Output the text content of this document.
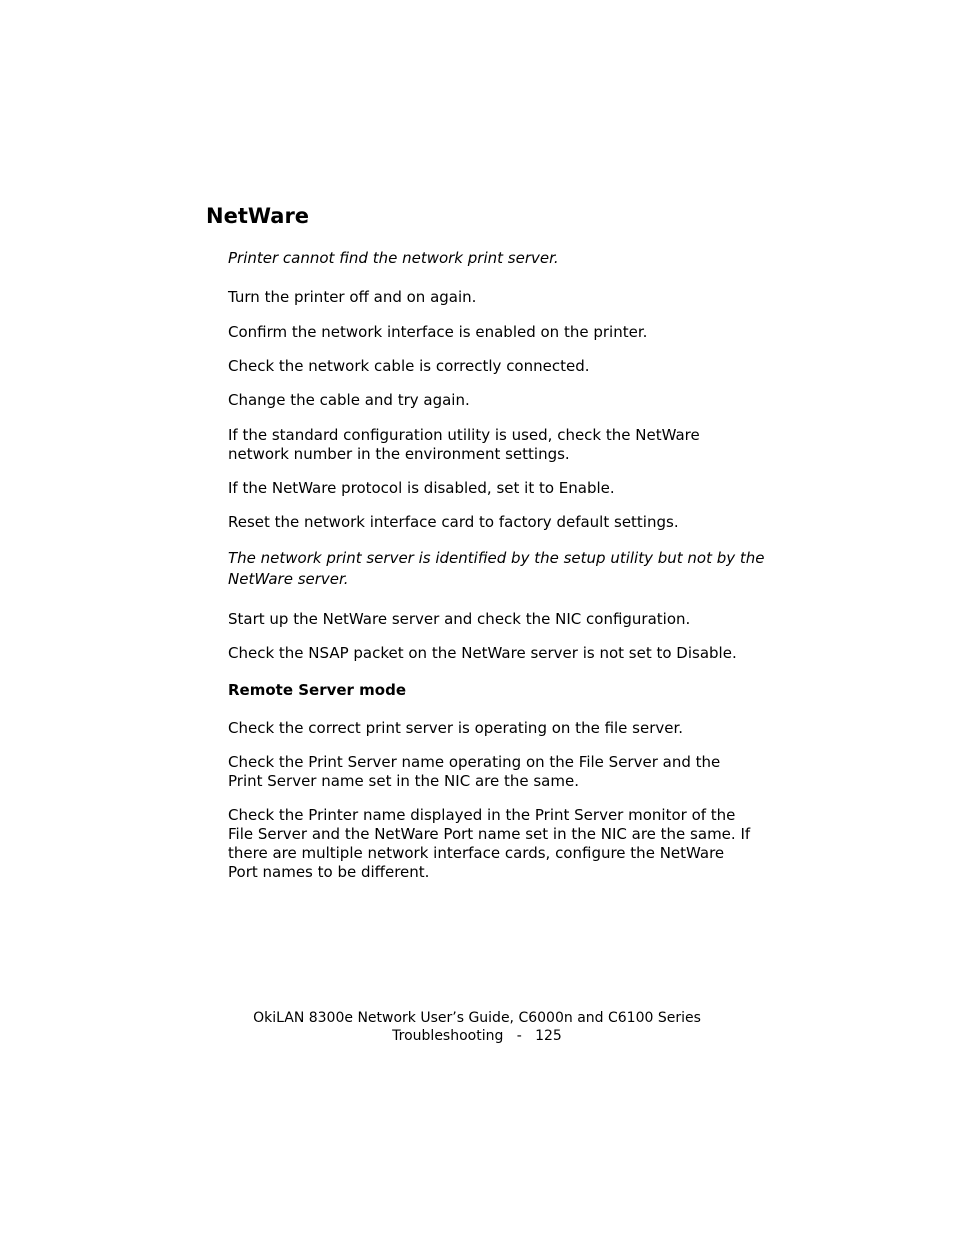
NetWare

Printer cannot find the network print server.

Turn the printer off and on again.

Confirm the network interface is enabled on the printer.

Check the network cable is correctly connected.

Change the cable and try again.

If the standard configuration utility is used, check the NetWare network number in the environment settings.

If the NetWare protocol is disabled, set it to Enable.

Reset the network interface card to factory default settings.

The network print server is identified by the setup utility but not by the NetWare server.

Start up the NetWare server and check the NIC configuration.

Check the NSAP packet on the NetWare server is not set to Disable.

Remote Server mode

Check the correct print server is operating on the file server.

Check the Print Server name operating on the File Server and the Print Server name set in the NIC are the same.

Check the Printer name displayed in the Print Server monitor of the File Server and the NetWare Port name set in the NIC are the same. If there are multiple network interface cards, configure the NetWare Port names to be different.

OkiLAN 8300e Network User’s Guide, C6000n and C6100 Series

Troubleshooting   -   125
